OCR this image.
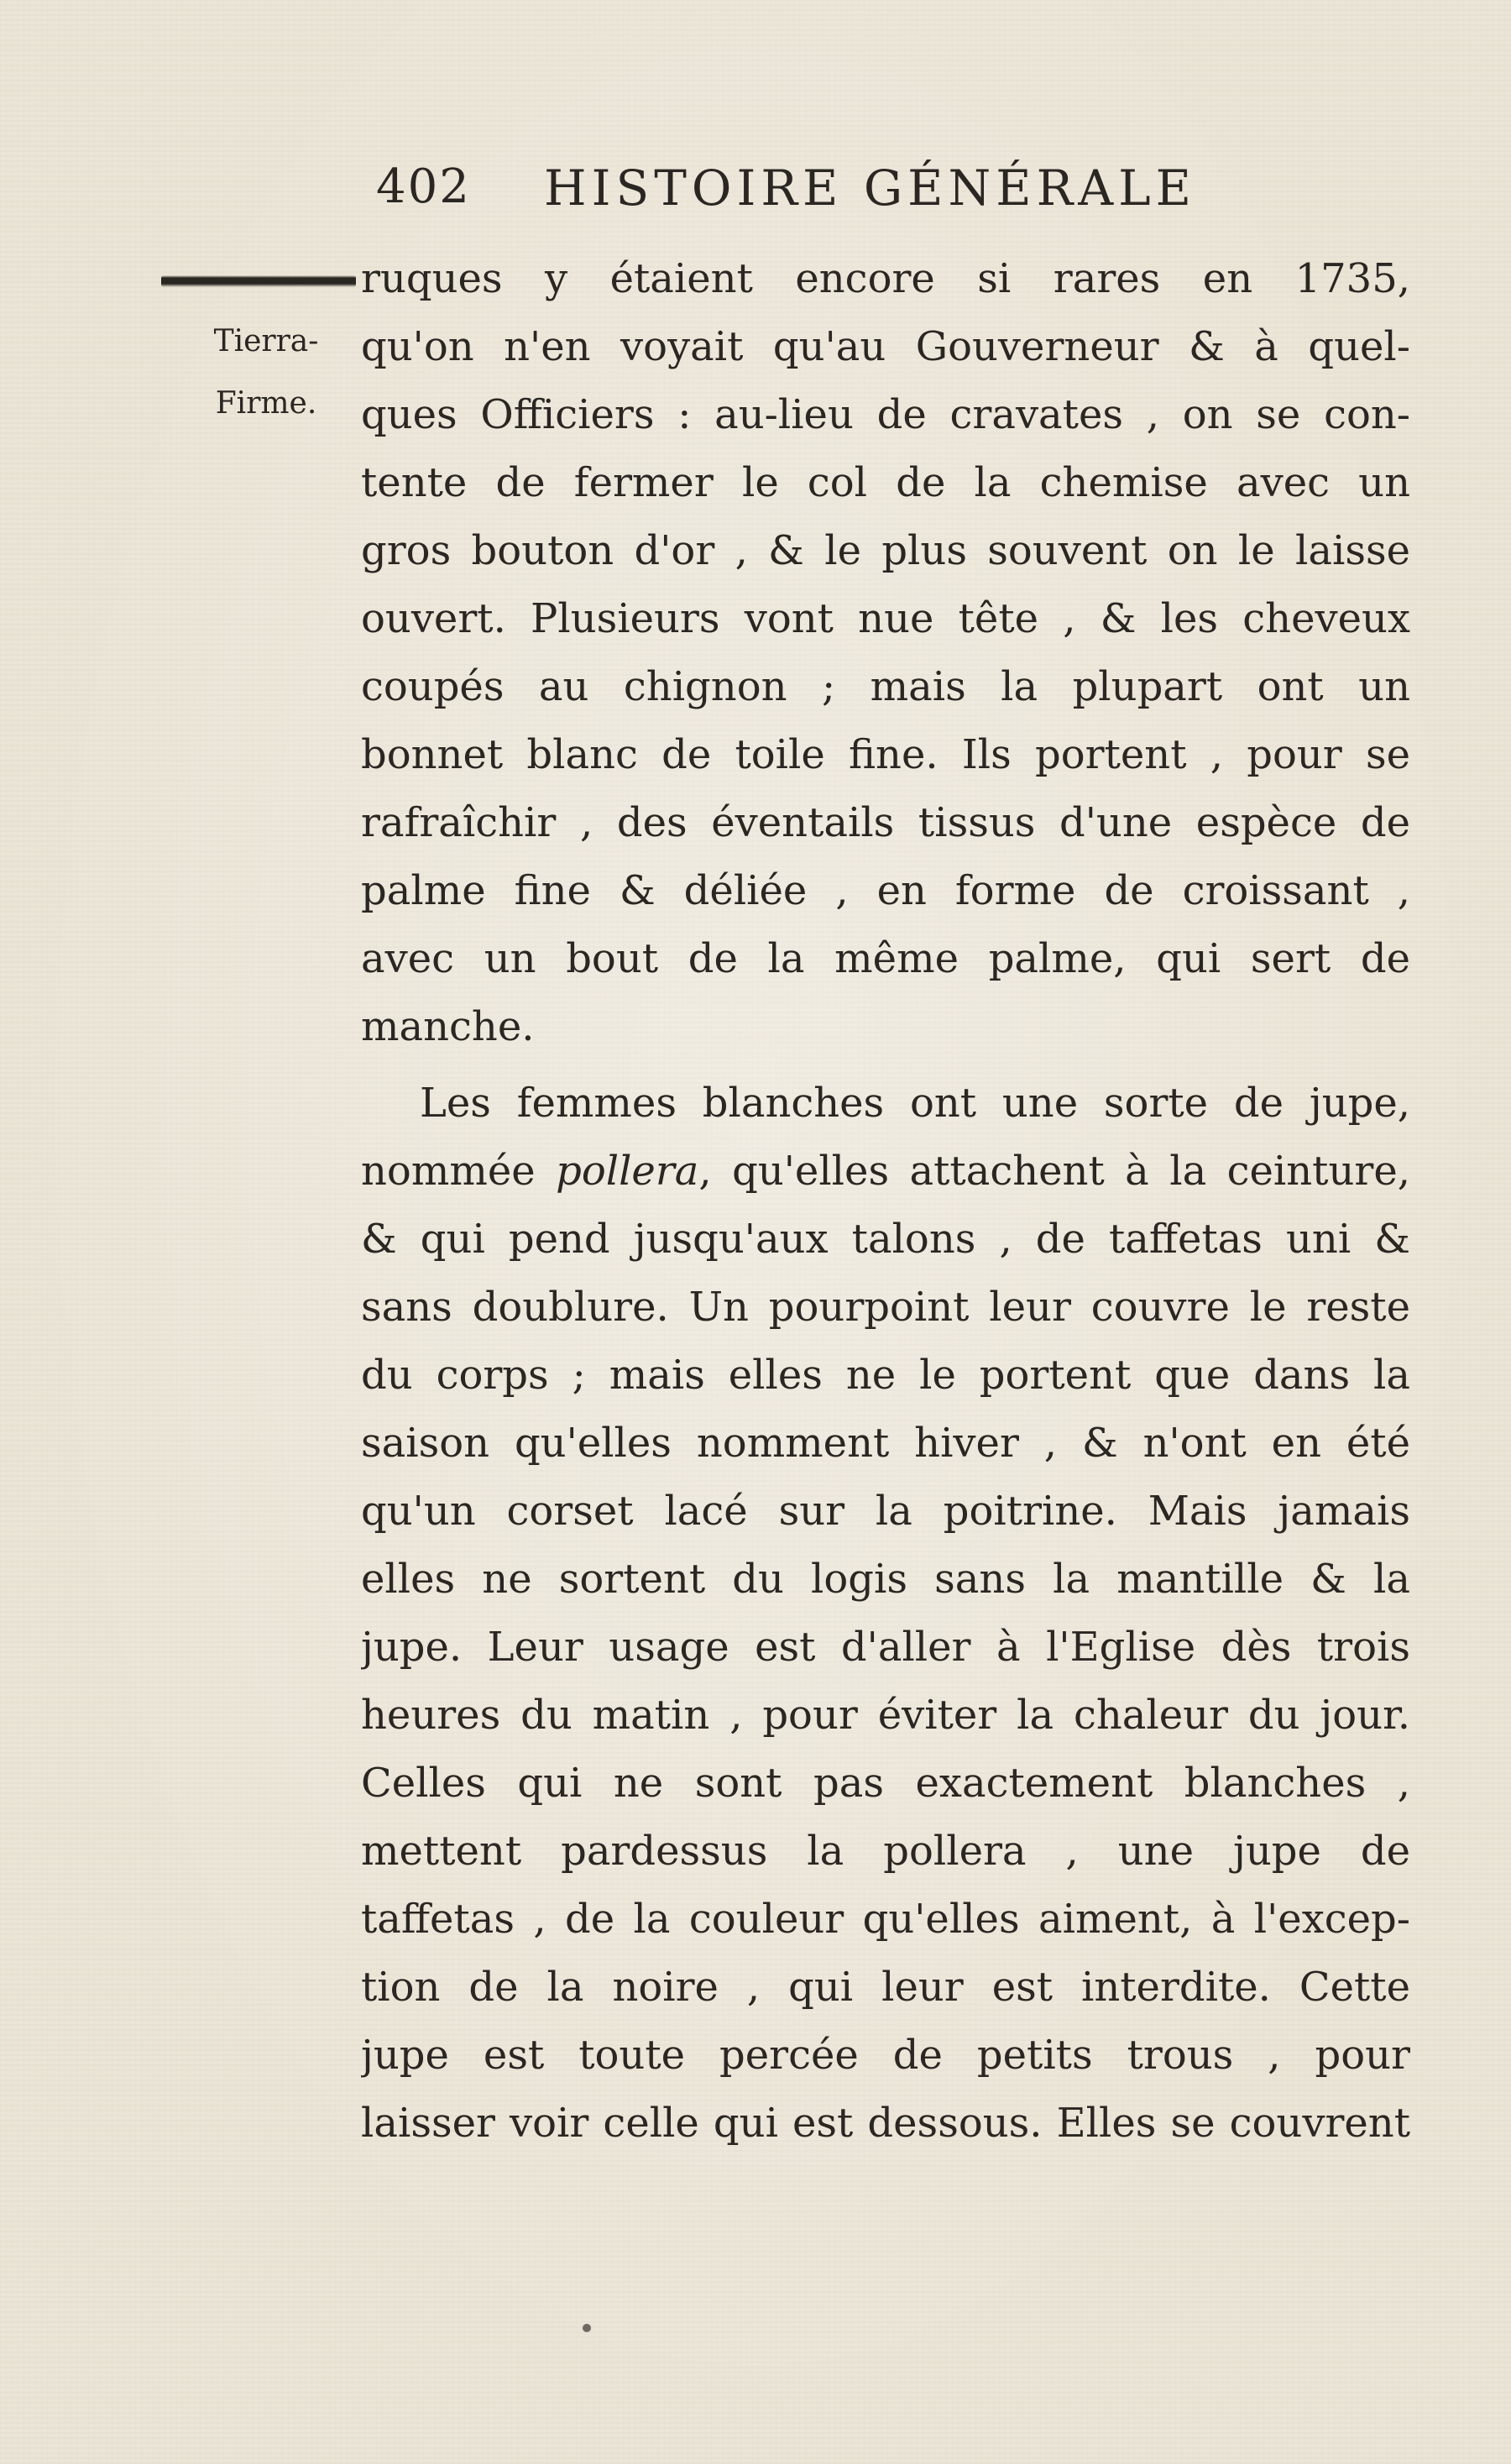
402 HISTOIRE GÉNÉRALE
Tierra-
Firme.
ruques y étaient encore si rares en 1735,
qu'on n'en voyait qu'au Gouverneur & à quel-
ques Officiers : au-lieu de cravates , on se con-
tente de fermer le col de la chemise avec un
gros bouton d'or , & le plus souvent on le laisse
ouvert. Plusieurs vont nue tête , & les cheveux
coupés au chignon ; mais la plupart ont un
bonnet blanc de toile fine. Ils portent , pour se
rafraîchir , des éventails tissus d'une espèce de
palme fine & déliée , en forme de croissant ,
avec un bout de la même palme, qui sert de
manche.
Les femmes blanches ont une sorte de jupe,
nommée pollera, qu'elles attachent à la ceinture,
& qui pend jusqu'aux talons , de taffetas uni &
sans doublure. Un pourpoint leur couvre le reste
du corps ; mais elles ne le portent que dans la
saison qu'elles nomment hiver , & n'ont en été
qu'un corset lacé sur la poitrine. Mais jamais
elles ne sortent du logis sans la mantille & la
jupe. Leur usage est d'aller à l'Eglise dès trois
heures du matin , pour éviter la chaleur du jour.
Celles qui ne sont pas exactement blanches ,
mettent pardessus la pollera , une jupe de
taffetas , de la couleur qu'elles aiment, à l'excep-
tion de la noire , qui leur est interdite. Cette
jupe est toute percée de petits trous , pour
laisser voir celle qui est dessous. Elles se couvrent
